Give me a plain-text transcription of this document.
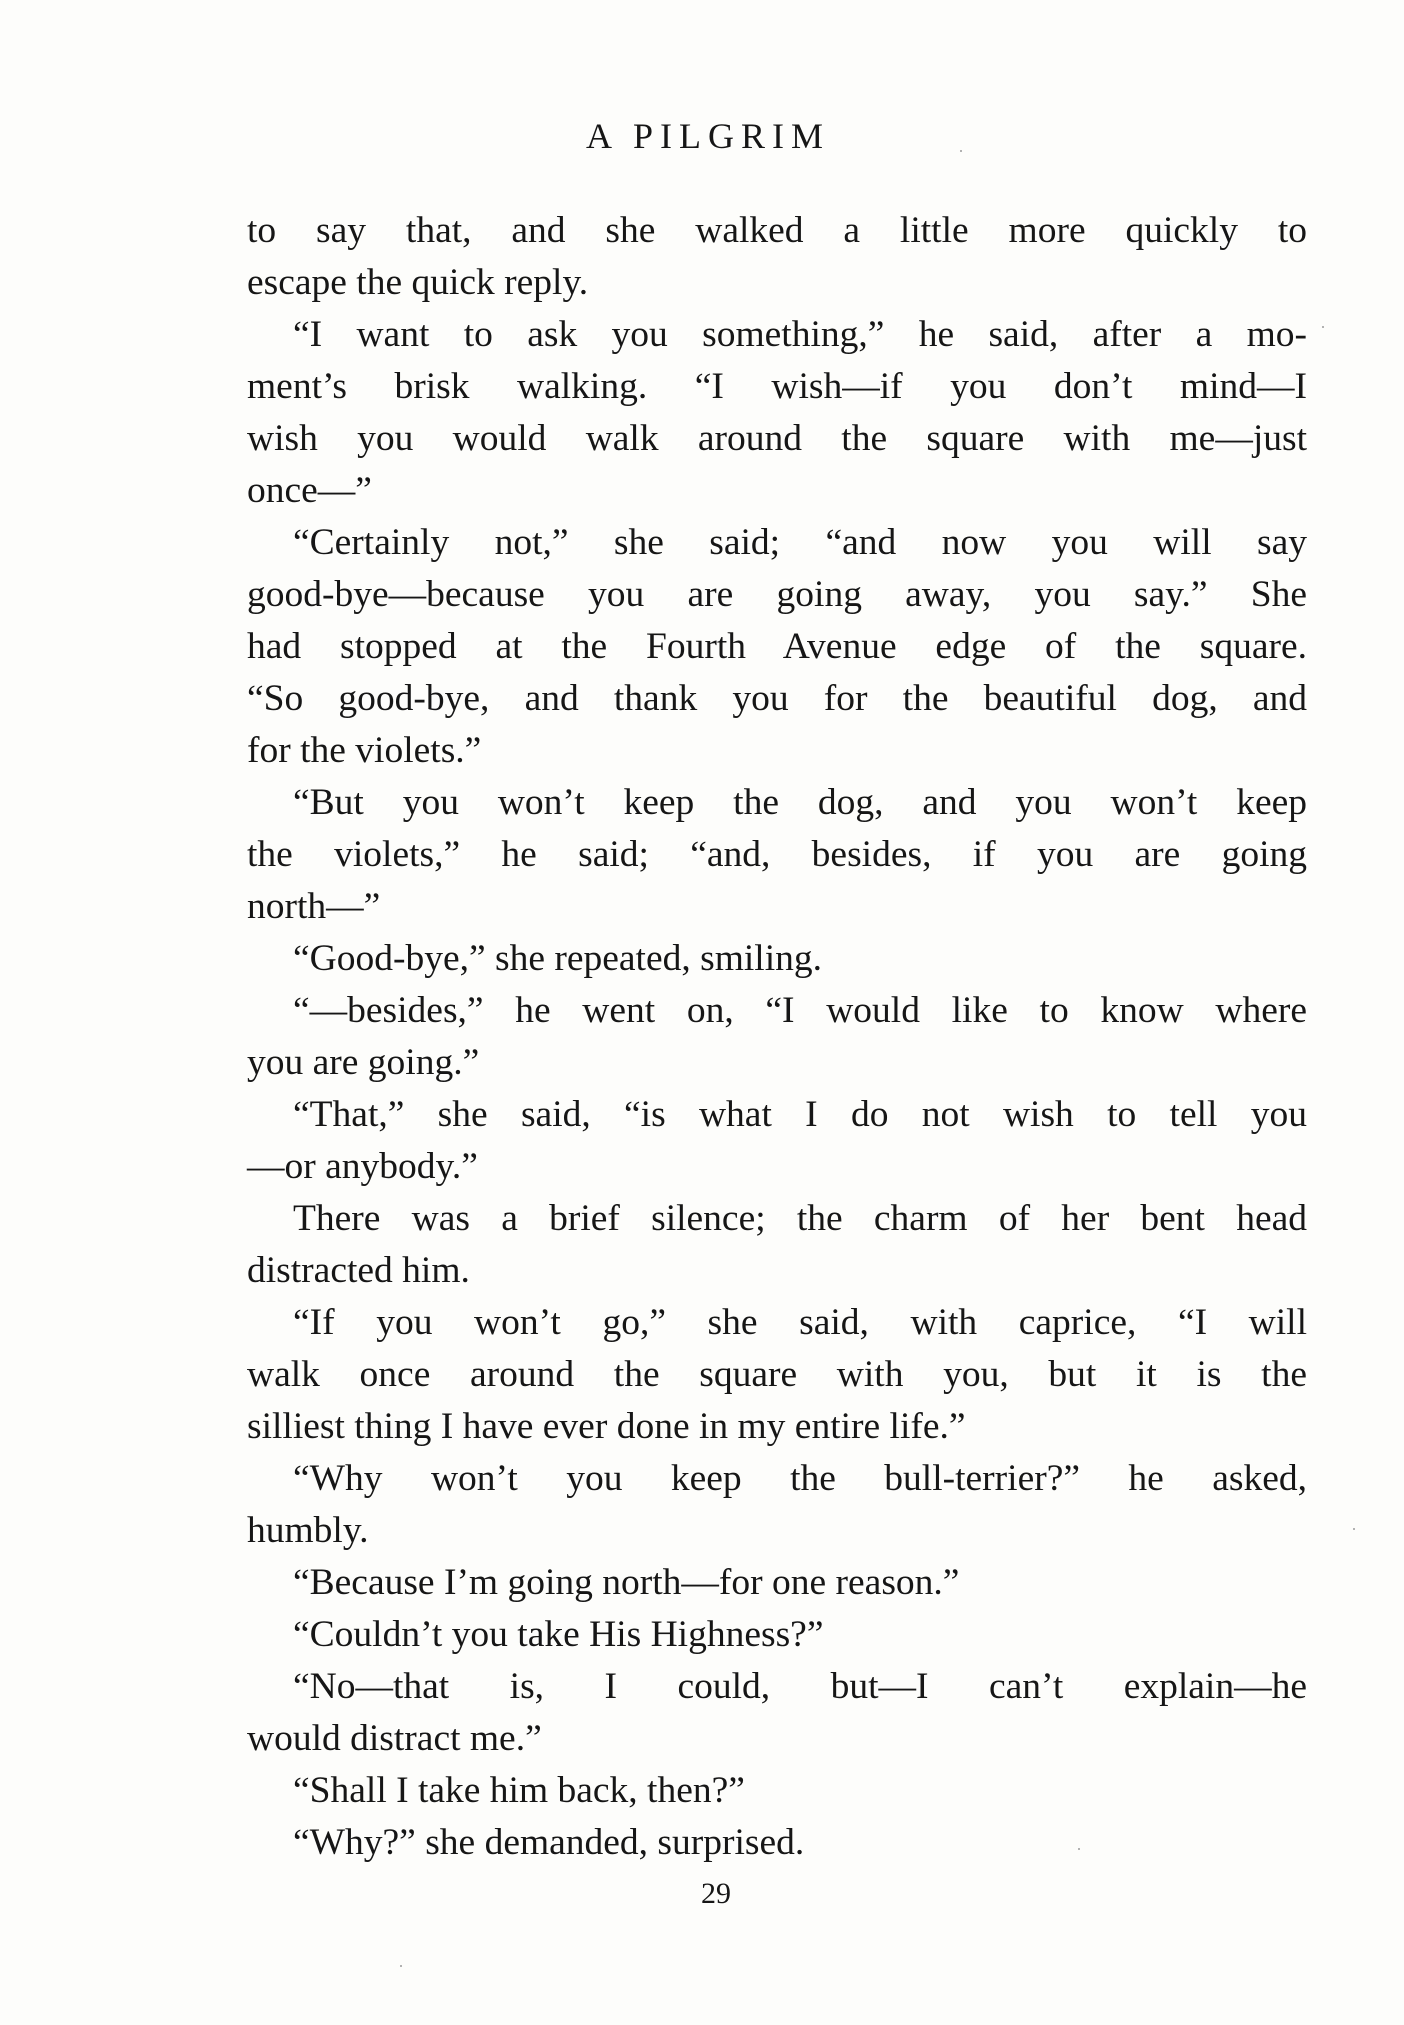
A PILGRIM
to say that, and she walked a little more quickly to
escape the quick reply.
“I want to ask you something,” he said, after a mo-
ment’s brisk walking. “I wish—if you don’t mind—I
wish you would walk around the square with me—just
once—”
“Certainly not,” she said; “and now you will say
good-bye—because you are going away, you say.” She
had stopped at the Fourth Avenue edge of the square.
“So good-bye, and thank you for the beautiful dog, and
for the violets.”
“But you won’t keep the dog, and you won’t keep
the violets,” he said; “and, besides, if you are going
north—”
“Good-bye,” she repeated, smiling.
“—besides,” he went on, “I would like to know where
you are going.”
“That,” she said, “is what I do not wish to tell you
—or anybody.”
There was a brief silence; the charm of her bent head
distracted him.
“If you won’t go,” she said, with caprice, “I will
walk once around the square with you, but it is the
silliest thing I have ever done in my entire life.”
“Why won’t you keep the bull-terrier?” he asked,
humbly.
“Because I’m going north—for one reason.”
“Couldn’t you take His Highness?”
“No—that is, I could, but—I can’t explain—he
would distract me.”
“Shall I take him back, then?”
“Why?” she demanded, surprised.
29
